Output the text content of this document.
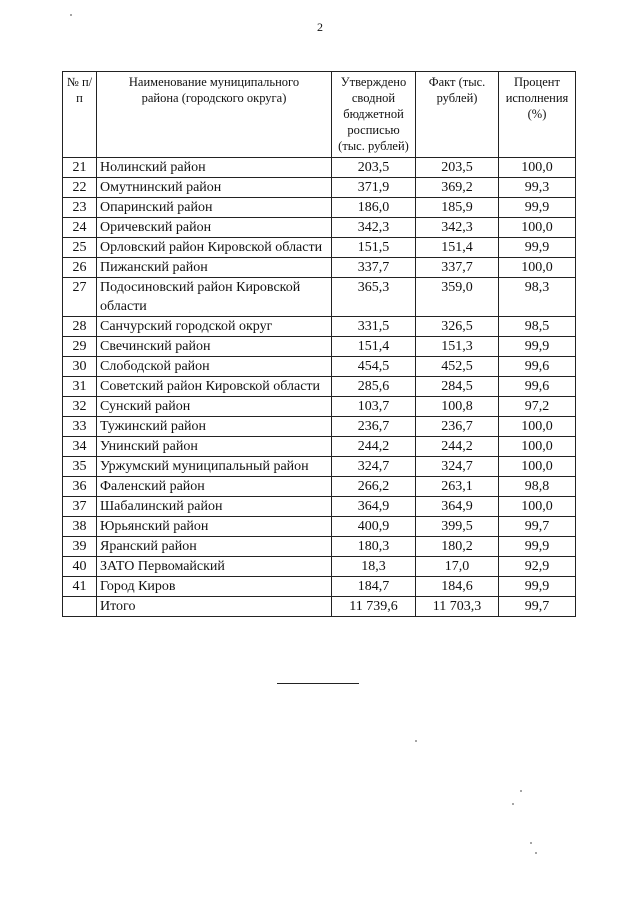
2
№ п/п	Наименование муниципального района (городского округа)	Утверждено сводной бюджетной росписью (тыс. рублей)	Факт (тыс. рублей)	Процент исполнения (%)
21	Нолинский район	203,5	203,5	100,0
22	Омутнинский район	371,9	369,2	99,3
23	Опаринский район	186,0	185,9	99,9
24	Оричевский район	342,3	342,3	100,0
25	Орловский район Кировской области	151,5	151,4	99,9
26	Пижанский район	337,7	337,7	100,0
27	Подосиновский район Кировской области	365,3	359,0	98,3
28	Санчурский городской округ	331,5	326,5	98,5
29	Свечинский район	151,4	151,3	99,9
30	Слободской район	454,5	452,5	99,6
31	Советский район Кировской области	285,6	284,5	99,6
32	Сунский район	103,7	100,8	97,2
33	Тужинский район	236,7	236,7	100,0
34	Унинский район	244,2	244,2	100,0
35	Уржумский муниципальный район	324,7	324,7	100,0
36	Фаленский район	266,2	263,1	98,8
37	Шабалинский район	364,9	364,9	100,0
38	Юрьянский район	400,9	399,5	99,7
39	Яранский район	180,3	180,2	99,9
40	ЗАТО Первомайский	18,3	17,0	92,9
41	Город Киров	184,7	184,6	99,9
	Итого	11 739,6	11 703,3	99,7
